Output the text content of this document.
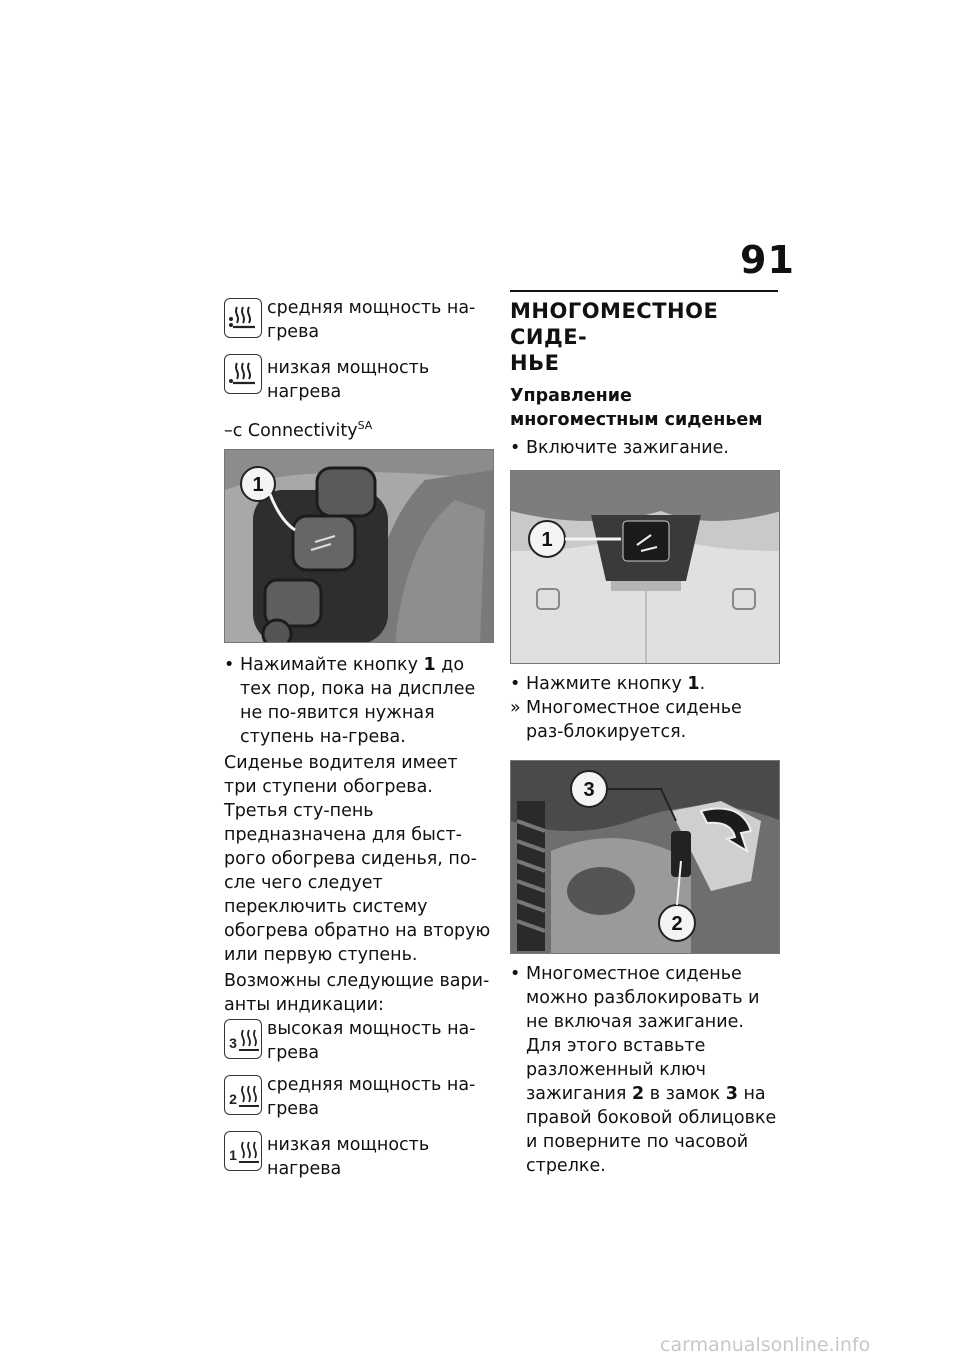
91
средняя мощность на-
грева
низкая мощность нагрева
–с Connectivity$^{SA}$
1
• Нажимайте кнопку 1 до тех пор, пока на дисплее не по-явится нужная ступень на-грева.
Сиденье водителя имеет три ступени обогрева. Третья сту-пень предназначена для быст-рого обогрева сиденья, по-сле чего следует переключить систему обогрева обратно на вторую или первую ступень.
Возможны следующие вари-анты индикации:
3
высокая мощность на-
грева
2
средняя мощность на-
грева
1 низкая мощность нагрева
МНОГОМЕСТНОЕ СИДЕ-
НЬЕ
Управление многоместным сиденьем
• Включите зажигание.
1
• Нажмите кнопку 1.
» Многоместное сиденье раз-блокируется.
3
2
• Многоместное сиденье можно разблокировать и не включая зажигание. Для этого вставьте разложенный ключ зажигания 2 в замок 3 на правой боковой облицовке и поверните по часовой стрелке.
carmanualsonline.info
